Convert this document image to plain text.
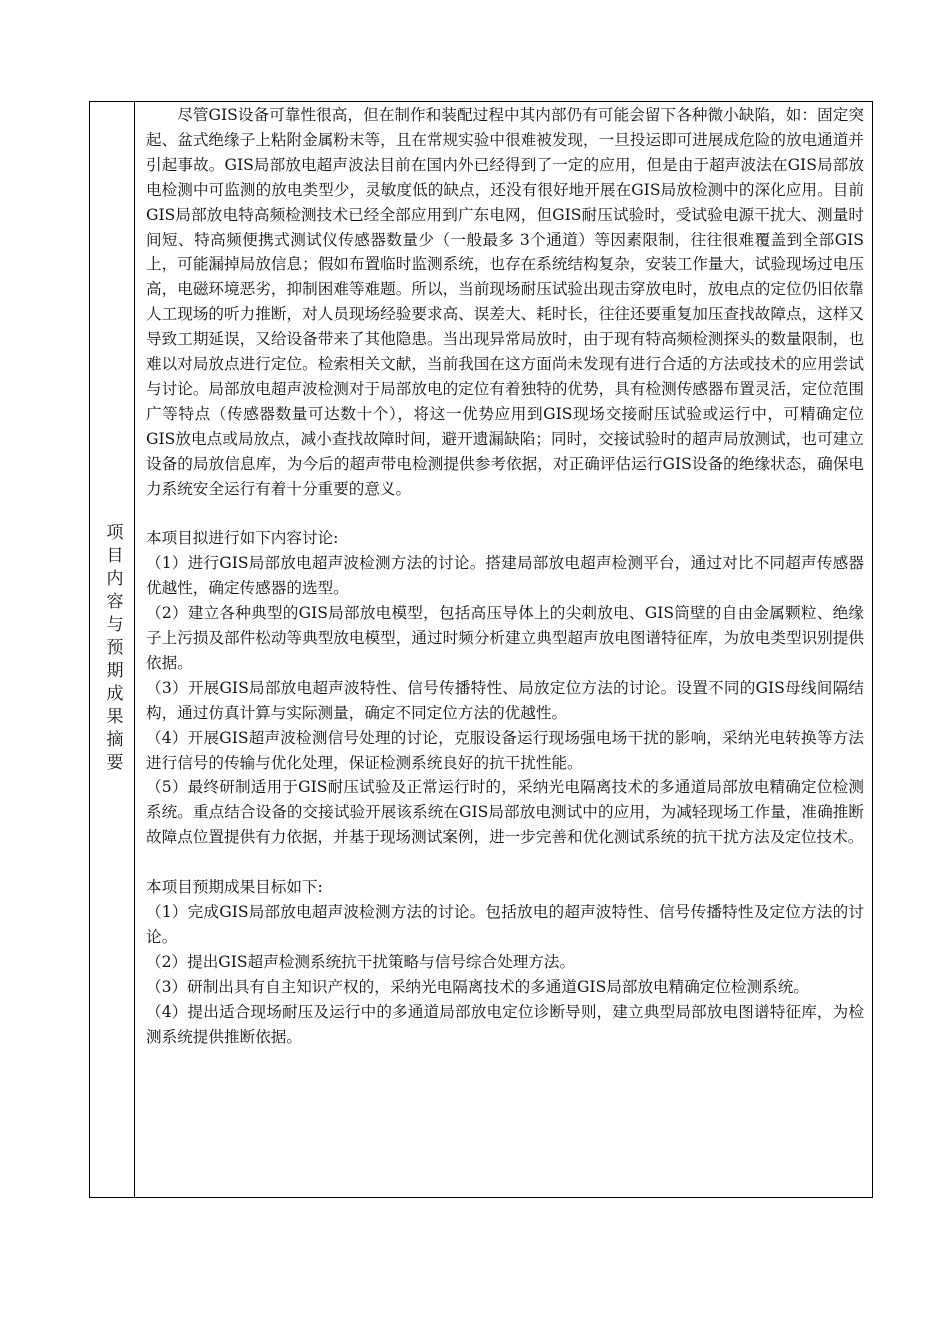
项目内容与预期成果摘要

尽管GIS设备可靠性很高，但在制作和装配过程中其内部仍有可能会留下各种微小缺陷，如：固定突起、盆式绝缘子上粘附金属粉末等，且在常规实验中很难被发现，一旦投运即可进展成危险的放电通道并引起事故。GIS局部放电超声波法目前在国内外已经得到了一定的应用，但是由于超声波法在GIS局部放电检测中可监测的放电类型少，灵敏度低的缺点，还没有很好地开展在GIS局放检测中的深化应用。目前GIS局部放电特高频检测技术已经全部应用到广东电网，但GIS耐压试验时，受试验电源干扰大、测量时间短、特高频便携式测试仪传感器数量少（一般最多 3个通道）等因素限制，往往很难覆盖到全部GIS上，可能漏掉局放信息；假如布置临时监测系统，也存在系统结构复杂，安装工作量大，试验现场过电压高，电磁环境恶劣，抑制困难等难题。所以，当前现场耐压试验出现击穿放电时，放电点的定位仍旧依靠人工现场的听力推断，对人员现场经验要求高、误差大、耗时长，往往还要重复加压查找故障点，这样又导致工期延误，又给设备带来了其他隐患。当出现异常局放时，由于现有特高频检测探头的数量限制，也难以对局放点进行定位。检索相关文献，当前我国在这方面尚未发现有进行合适的方法或技术的应用尝试与讨论。局部放电超声波检测对于局部放电的定位有着独特的优势，具有检测传感器布置灵活，定位范围广等特点（传感器数量可达数十个），将这一优势应用到GIS现场交接耐压试验或运行中，可精确定位GIS放电点或局放点，减小查找故障时间，避开遗漏缺陷；同时，交接试验时的超声局放测试，也可建立设备的局放信息库，为今后的超声带电检测提供参考依据，对正确评估运行GIS设备的绝缘状态，确保电力系统安全运行有着十分重要的意义。

本项目拟进行如下内容讨论:

（1）进行GIS局部放电超声波检测方法的讨论。搭建局部放电超声检测平台，通过对比不同超声传感器优越性，确定传感器的选型。

（2）建立各种典型的GIS局部放电模型，包括高压导体上的尖刺放电、GIS筒壁的自由金属颗粒、绝缘子上污损及部件松动等典型放电模型，通过时频分析建立典型超声放电图谱特征库，为放电类型识别提供依据。

（3）开展GIS局部放电超声波特性、信号传播特性、局放定位方法的讨论。设置不同的GIS母线间隔结构，通过仿真计算与实际测量，确定不同定位方法的优越性。

（4）开展GIS超声波检测信号处理的讨论，克服设备运行现场强电场干扰的影响，采纳光电转换等方法进行信号的传输与优化处理，保证检测系统良好的抗干扰性能。

（5）最终研制适用于GIS耐压试验及正常运行时的，采纳光电隔离技术的多通道局部放电精确定位检测系统。重点结合设备的交接试验开展该系统在GIS局部放电测试中的应用，为减轻现场工作量，准确推断故障点位置提供有力依据，并基于现场测试案例，进一步完善和优化测试系统的抗干扰方法及定位技术。

本项目预期成果目标如下:

（1）完成GIS局部放电超声波检测方法的讨论。包括放电的超声波特性、信号传播特性及定位方法的讨论。

（2）提出GIS超声检测系统抗干扰策略与信号综合处理方法。

（3）研制出具有自主知识产权的，采纳光电隔离技术的多通道GIS局部放电精确定位检测系统。

（4）提出适合现场耐压及运行中的多通道局部放电定位诊断导则，建立典型局部放电图谱特征库，为检测系统提供推断依据。
